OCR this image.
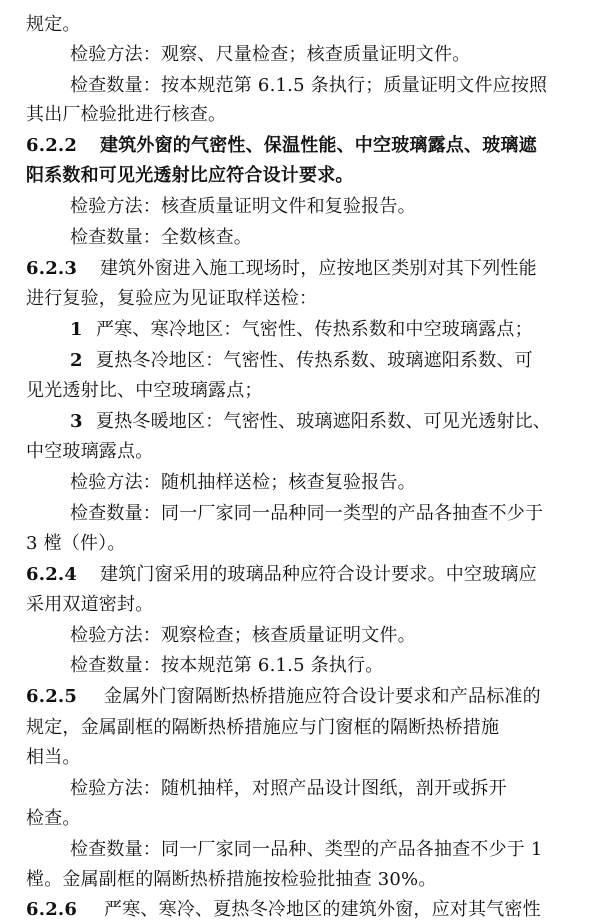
规定。
检验方法：观察、尺量检查；核查质量证明文件。
检查数量：按本规范第 6.1.5 条执行；质量证明文件应按照
其出厂检验批进行核查。
6.2.2 建筑外窗的气密性、保温性能、中空玻璃露点、玻璃遮
阳系数和可见光透射比应符合设计要求。
检验方法：核查质量证明文件和复验报告。
检查数量：全数核查。
6.2.3 建筑外窗进入施工现场时，应按地区类别对其下列性能
进行复验，复验应为见证取样送检：
1 严寒、寒冷地区：气密性、传热系数和中空玻璃露点；
2 夏热冬冷地区：气密性、传热系数、玻璃遮阳系数、可
见光透射比、中空玻璃露点；
3 夏热冬暖地区：气密性、玻璃遮阳系数、可见光透射比、
中空玻璃露点。
检验方法：随机抽样送检；核查复验报告。
检查数量：同一厂家同一品种同一类型的产品各抽查不少于
3 樘（件）。
6.2.4 建筑门窗采用的玻璃品种应符合设计要求。中空玻璃应
采用双道密封。
检验方法：观察检查；核查质量证明文件。
检查数量：按本规范第 6.1.5 条执行。
6.2.5 金属外门窗隔断热桥措施应符合设计要求和产品标准的
规定，金属副框的隔断热桥措施应与门窗框的隔断热桥措施
相当。
检验方法：随机抽样，对照产品设计图纸，剖开或拆开
检查。
检查数量：同一厂家同一品种、类型的产品各抽查不少于 1
樘。金属副框的隔断热桥措施按检验批抽查 30%。
6.2.6 严寒、寒冷、夏热冬冷地区的建筑外窗，应对其气密性
